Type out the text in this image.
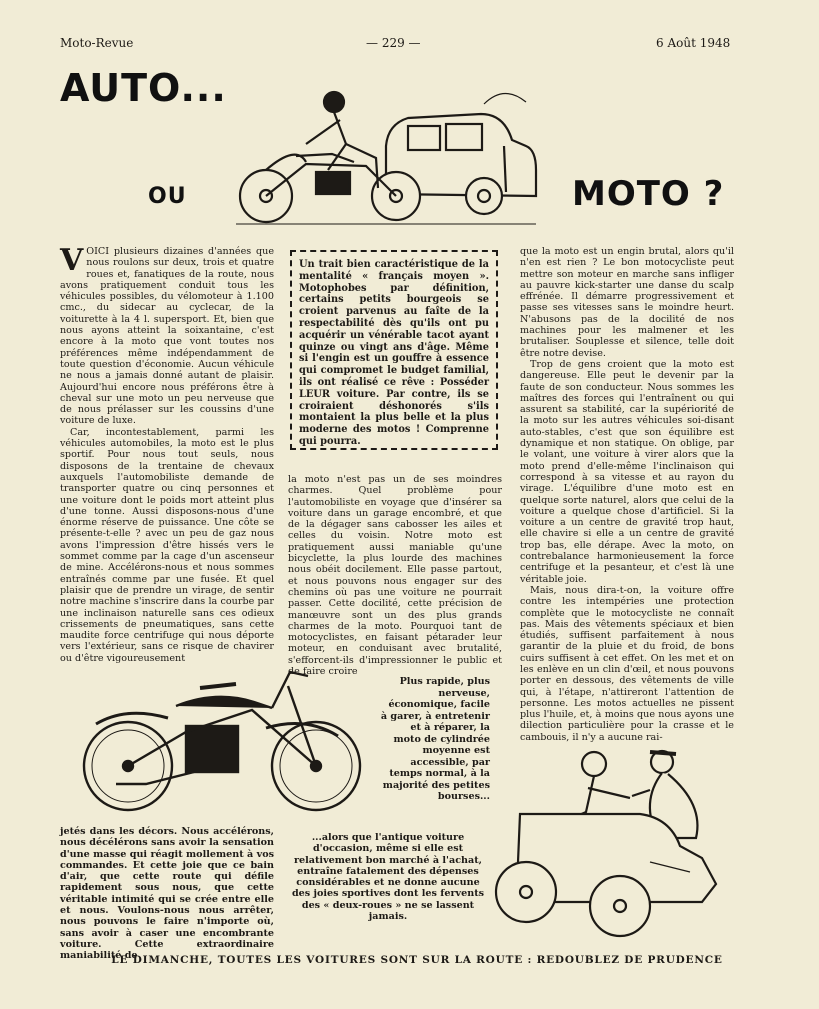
Moto-Revue	— 229 —	6 Août 1948
AUTO...
OU	MOTO ?
V OICI plusieurs dizaines d'années que nous roulons sur deux, trois et quatre roues et, fanatiques de la route, nous avons pratiquement conduit tous les véhicules possibles, du vélomoteur à 1.100 cmc., du sidecar au cyclecar, de la voiturette à la 4 l. supersport. Et, bien que nous ayons atteint la soixantaine, c'est encore à la moto que vont toutes nos préférences même indépendamment de toute question d'économie. Aucun véhicule ne nous a jamais donné autant de plaisir. Aujourd'hui encore nous préférons être à cheval sur une moto un peu nerveuse que de nous prélasser sur les coussins d'une voiture de luxe.

Car, incontestablement, parmi les véhicules automobiles, la moto est le plus sportif. Pour nous tout seuls, nous disposons de la trentaine de chevaux auxquels l'automobiliste demande de transporter quatre ou cinq personnes et une voiture dont le poids mort atteint plus d'une tonne. Aussi disposons-nous d'une énorme réserve de puissance. Une côte se présente-t-elle ? avec un peu de gaz nous avons l'impression d'être hissés vers le sommet comme par la cage d'un ascenseur de mine. Accélérons-nous et nous sommes entraînés comme par une fusée. Et quel plaisir que de prendre un virage, de sentir notre machine s'inscrire dans la courbe par une inclinaison naturelle sans ces odieux crissements de pneumatiques, sans cette maudite force centrifuge qui nous déporte vers l'extérieur, sans ce risque de chavirer ou d'être vigoureusement

Un trait bien caractéristique de la mentalité « français moyen ». Motophobes par définition, certains petits bourgeois se croient parvenus au faîte de la respectabilité dès qu'ils ont pu acquérir un vénérable tacot ayant quinze ou vingt ans d'âge. Même si l'engin est un gouffre à essence qui compromet le budget familial, ils ont réalisé ce rêve : Posséder LEUR voiture. Par contre, ils se croiraient déshonorés s'ils montaient la plus belle et la plus moderne des motos ! Comprenne qui pourra.

la moto n'est pas un de ses moindres charmes. Quel problème pour l'automobiliste en voyage que d'insérer sa voiture dans un garage encombré, et que de la dégager sans cabosser les ailes et celles du voisin. Notre moto est pratiquement aussi maniable qu'une bicyclette, la plus lourde des machines nous obéit docilement. Elle passe partout, et nous pouvons nous engager sur des chemins où pas une voiture ne pourrait passer. Cette docilité, cette précision de manœuvre sont un des plus grands charmes de la moto. Pourquoi tant de motocyclistes, en faisant pétarader leur moteur, en conduisant avec brutalité, s'efforcent-ils d'impressionner le public et de faire croire

que la moto est un engin brutal, alors qu'il n'en est rien ? Le bon motocycliste peut mettre son moteur en marche sans infliger au pauvre kick-starter une danse du scalp effrénée. Il démarre progressivement et passe ses vitesses sans le moindre heurt. N'abusons pas de la docilité de nos machines pour les malmener et les brutaliser. Souplesse et silence, telle doit être notre devise.

Trop de gens croient que la moto est dangereuse. Elle peut le devenir par la faute de son conducteur. Nous sommes les maîtres des forces qui l'entraînent ou qui assurent sa stabilité, car la supériorité de la moto sur les autres véhicules soi-disant auto-stables, c'est que son équilibre est dynamique et non statique. On oblige, par le volant, une voiture à virer alors que la moto prend d'elle-même l'inclinaison qui correspond à sa vitesse et au rayon du virage. L'équilibre d'une moto est en quelque sorte naturel, alors que celui de la voiture a quelque chose d'artificiel. Si la voiture a un centre de gravité trop haut, elle chavire si elle a un centre de gravité trop bas, elle dérape. Avec la moto, on contrebalance harmonieusement la force centrifuge et la pesanteur, et c'est là une véritable joie.

Mais, nous dira-t-on, la voiture offre contre les intempéries une protection complète que le motocycliste ne connaît pas. Mais des vêtements spéciaux et bien étudiés, suffisent parfaitement à nous garantir de la pluie et du froid, de bons cuirs suffisent à cet effet. On les met et on les enlève en un clin d'œil, et nous pouvons porter en dessous, des vêtements de ville qui, à l'étape, n'attireront l'attention de personne. Les motos actuelles ne pissent plus l'huile, et, à moins que nous ayons une dilection particulière pour la crasse et le cambouis, il n'y a aucune rai-

Plus rapide, plus nerveuse, économique, facile à garer, à entretenir et à réparer, la moto de cylindrée moyenne est accessible, par temps normal, à la majorité des petites bourses...

jetés dans les décors. Nous accélérons, nous décélérons sans avoir la sensation d'une masse qui réagit mollement à vos commandes. Et cette joie que ce bain d'air, que cette route qui défile rapidement sous nous, que cette véritable intimité qui se crée entre elle et nous. Voulons-nous nous arrêter, nous pouvons le faire n'importe où, sans avoir à caser une encombrante voiture. Cette extraordinaire maniabilité de

...alors que l'antique voiture d'occasion, même si elle est relativement bon marché à l'achat, entraîne fatalement des dépenses considérables et ne donne aucune des joies sportives dont les fervents des « deux-roues » ne se lassent jamais.

LE DIMANCHE, TOUTES LES VOITURES SONT SUR LA ROUTE : REDOUBLEZ DE PRUDENCE
